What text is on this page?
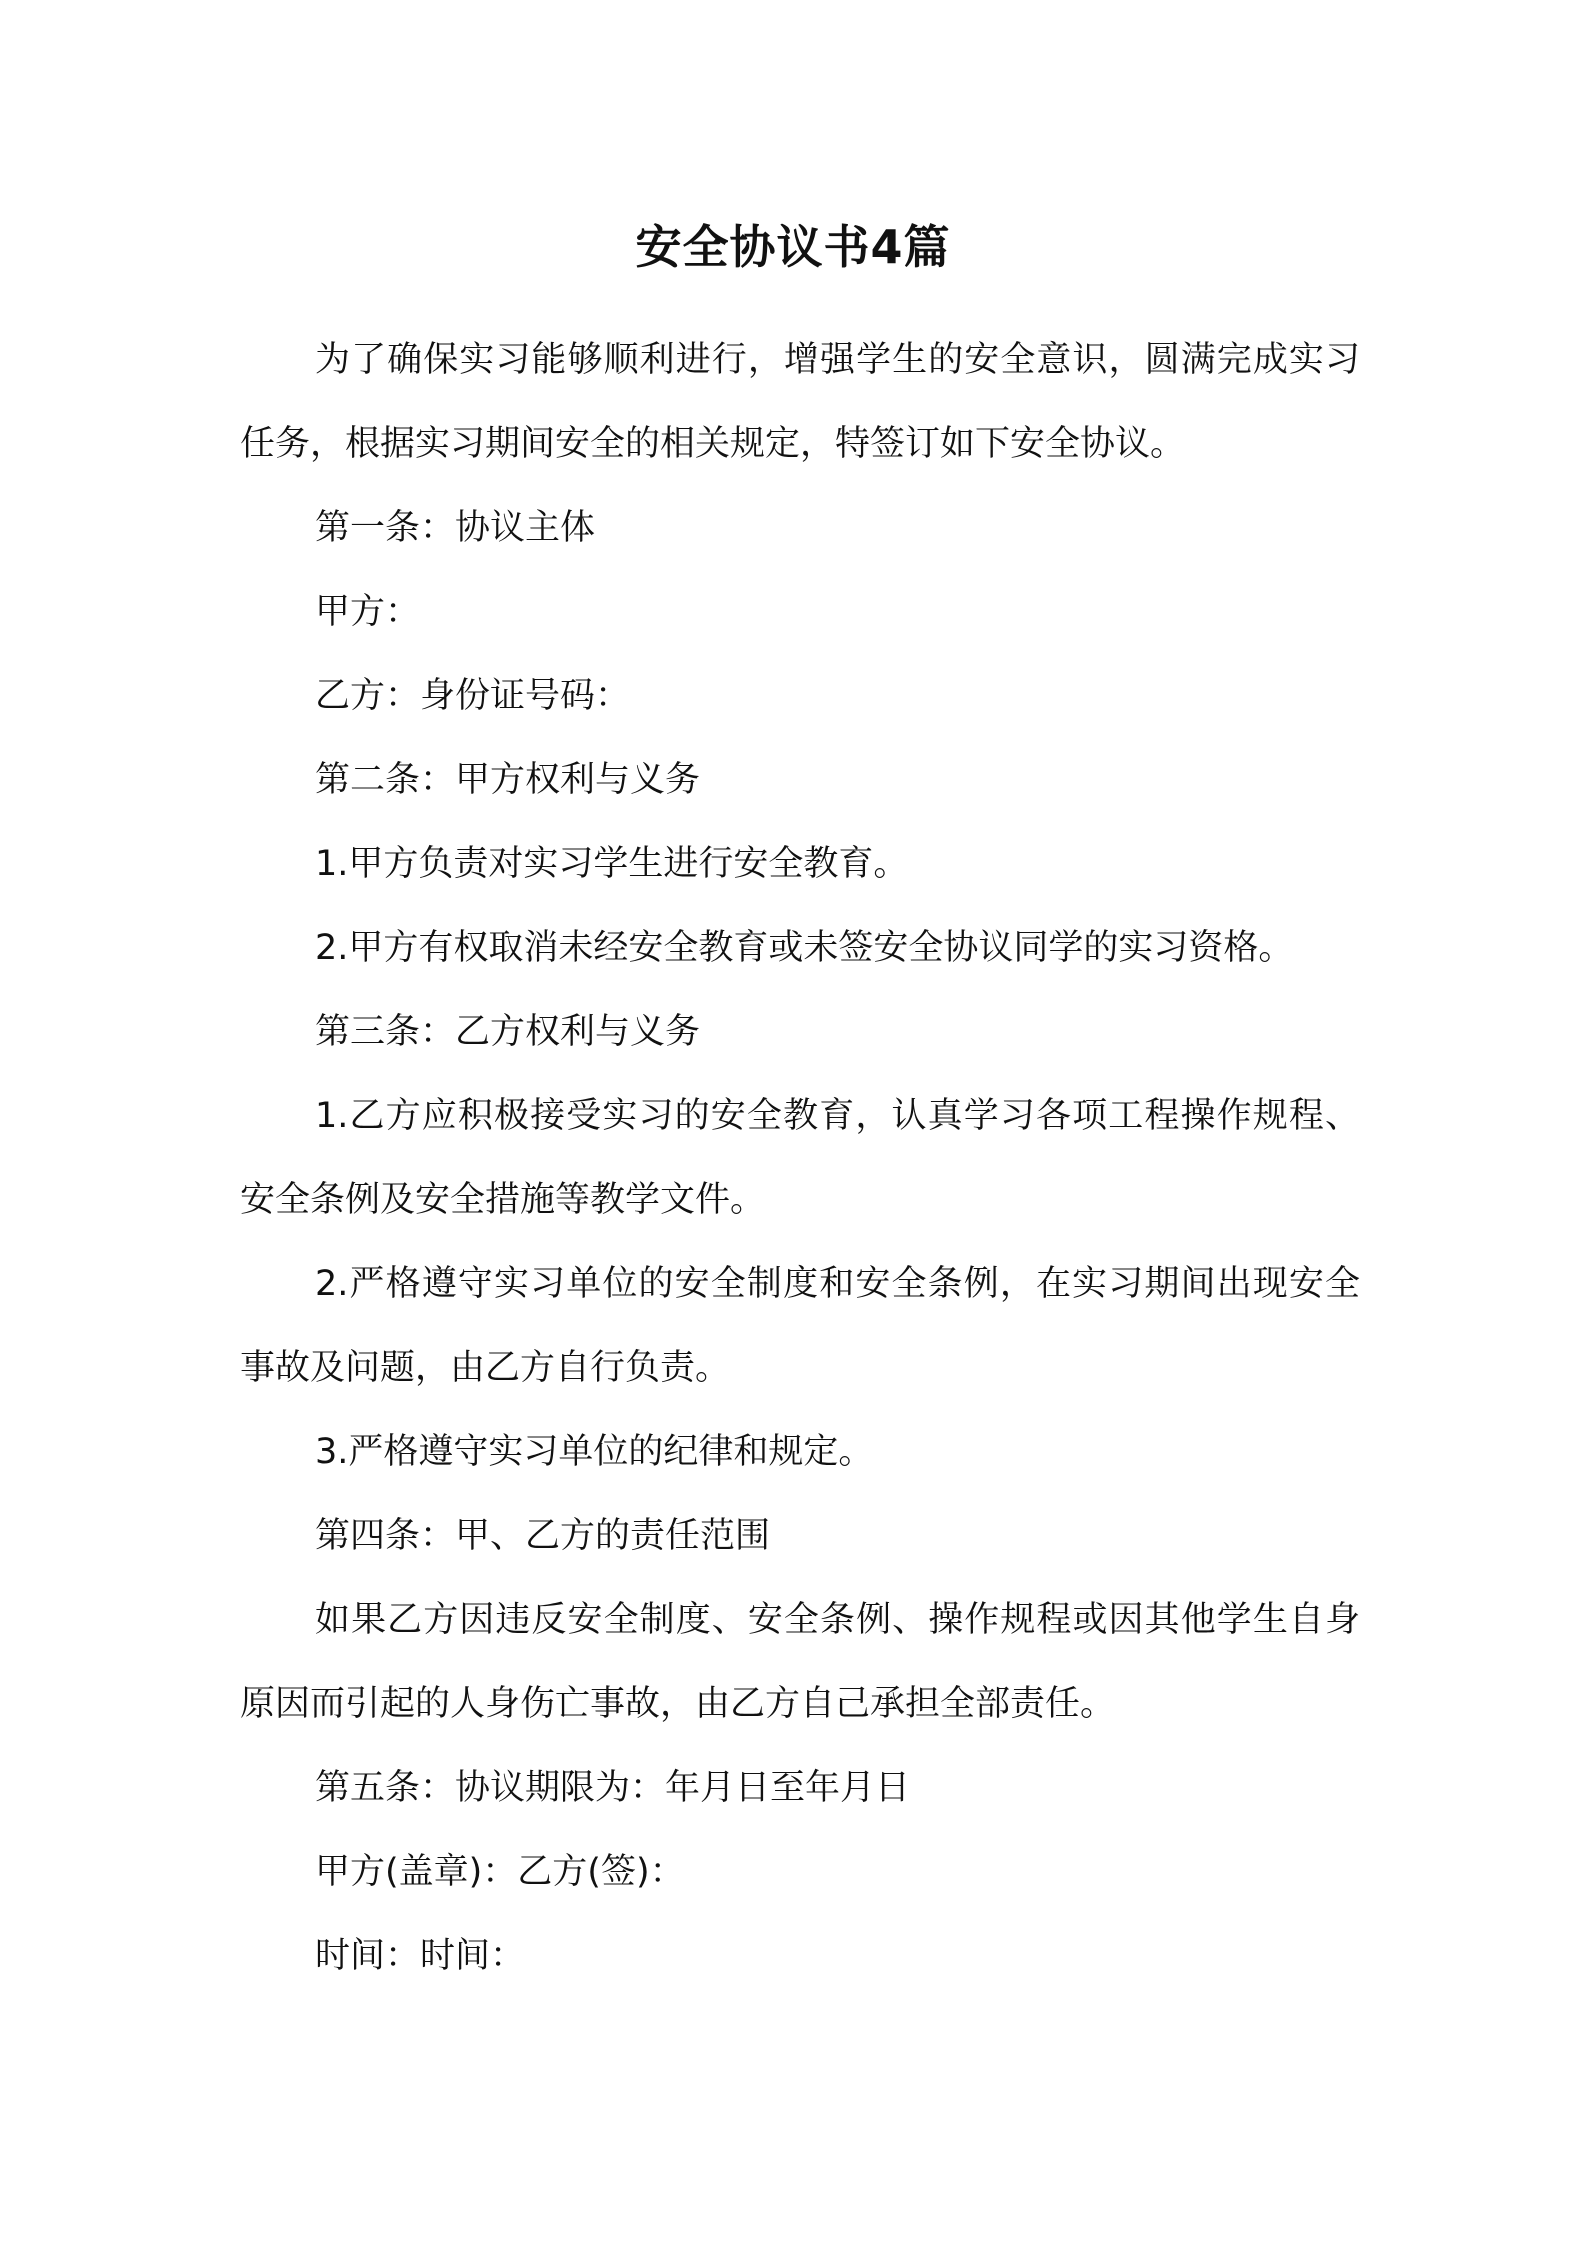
安全协议书4篇

为了确保实习能够顺利进行，增强学生的安全意识，圆满完成实习任务，根据实习期间安全的相关规定，特签订如下安全协议。

第一条：协议主体

甲方：

乙方：身份证号码：

第二条：甲方权利与义务

1.甲方负责对实习学生进行安全教育。

2.甲方有权取消未经安全教育或未签安全协议同学的实习资格。

第三条：乙方权利与义务

1.乙方应积极接受实习的安全教育，认真学习各项工程操作规程、安全条例及安全措施等教学文件。

2.严格遵守实习单位的安全制度和安全条例，在实习期间出现安全事故及问题，由乙方自行负责。

3.严格遵守实习单位的纪律和规定。

第四条：甲、乙方的责任范围

如果乙方因违反安全制度、安全条例、操作规程或因其他学生自身原因而引起的人身伤亡事故，由乙方自己承担全部责任。

第五条：协议期限为：年月日至年月日

甲方(盖章)：乙方(签)：

时间：时间：
